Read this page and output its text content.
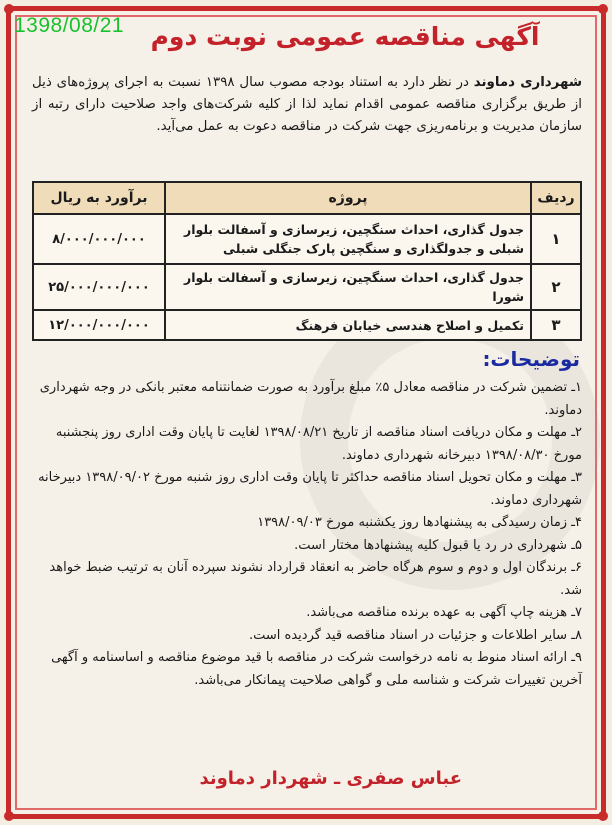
1398/08/21	آگهی مناقصه عمومی نوبت دوم
شهرداری دماوند در نظر دارد به استناد بودجه مصوب سال ۱۳۹۸ نسبت به اجرای پروژه‌های ذیل از طریق برگزاری مناقصه عمومی اقدام نماید لذا از کلیه شرکت‌های واجد صلاحیت دارای رتبه از سازمان مدیریت و برنامه‌ریزی جهت شرکت در مناقصه دعوت به عمل می‌آید.
ردیف	پروژه	برآورد به ریال
۱	جدول گذاری، احداث سنگچین، زیرسازی و آسفالت بلوار شبلی و جدولگذاری و سنگچین پارک جنگلی شبلی	۸/۰۰۰/۰۰۰/۰۰۰
۲	جدول گذاری، احداث سنگچین، زیرسازی و آسفالت بلوار شورا	۲۵/۰۰۰/۰۰۰/۰۰۰
۳	تکمیل و اصلاح هندسی خیابان فرهنگ	۱۲/۰۰۰/۰۰۰/۰۰۰
توضیحات:
۱ـ تضمین شرکت در مناقصه معادل ۵٪ مبلغ برآورد به صورت ضمانتنامه معتبر بانکی در وجه شهرداری دماوند.
۲ـ مهلت و مکان دریافت اسناد مناقصه از تاریخ ۱۳۹۸/۰۸/۲۱ لغایت تا پایان وقت اداری روز پنجشنبه مورخ ۱۳۹۸/۰۸/۳۰ دبیرخانه شهرداری دماوند.
۳ـ مهلت و مکان تحویل اسناد مناقصه حداکثر تا پایان وقت اداری روز شنبه مورخ ۱۳۹۸/۰۹/۰۲ دبیرخانه شهرداری دماوند.
۴ـ زمان رسیدگی به پیشنهادها روز یکشنبه مورخ ۱۳۹۸/۰۹/۰۳
۵ـ شهرداری در رد یا قبول کلیه پیشنهادها مختار است.
۶ـ برندگان اول و دوم و سوم هرگاه حاضر به انعقاد قرارداد نشوند سپرده آنان به ترتیب ضبط خواهد شد.
۷ـ هزینه چاپ آگهی به عهده برنده مناقصه می‌باشد.
۸ـ سایر اطلاعات و جزئیات در اسناد مناقصه قید گردیده است.
۹ـ ارائه اسناد منوط به نامه درخواست شرکت در مناقصه با قید موضوع مناقصه و اساسنامه و آگهی آخرین تغییرات شرکت و شناسه ملی و گواهی صلاحیت پیمانکار می‌باشد.
عباس صفری ـ شهردار دماوند
